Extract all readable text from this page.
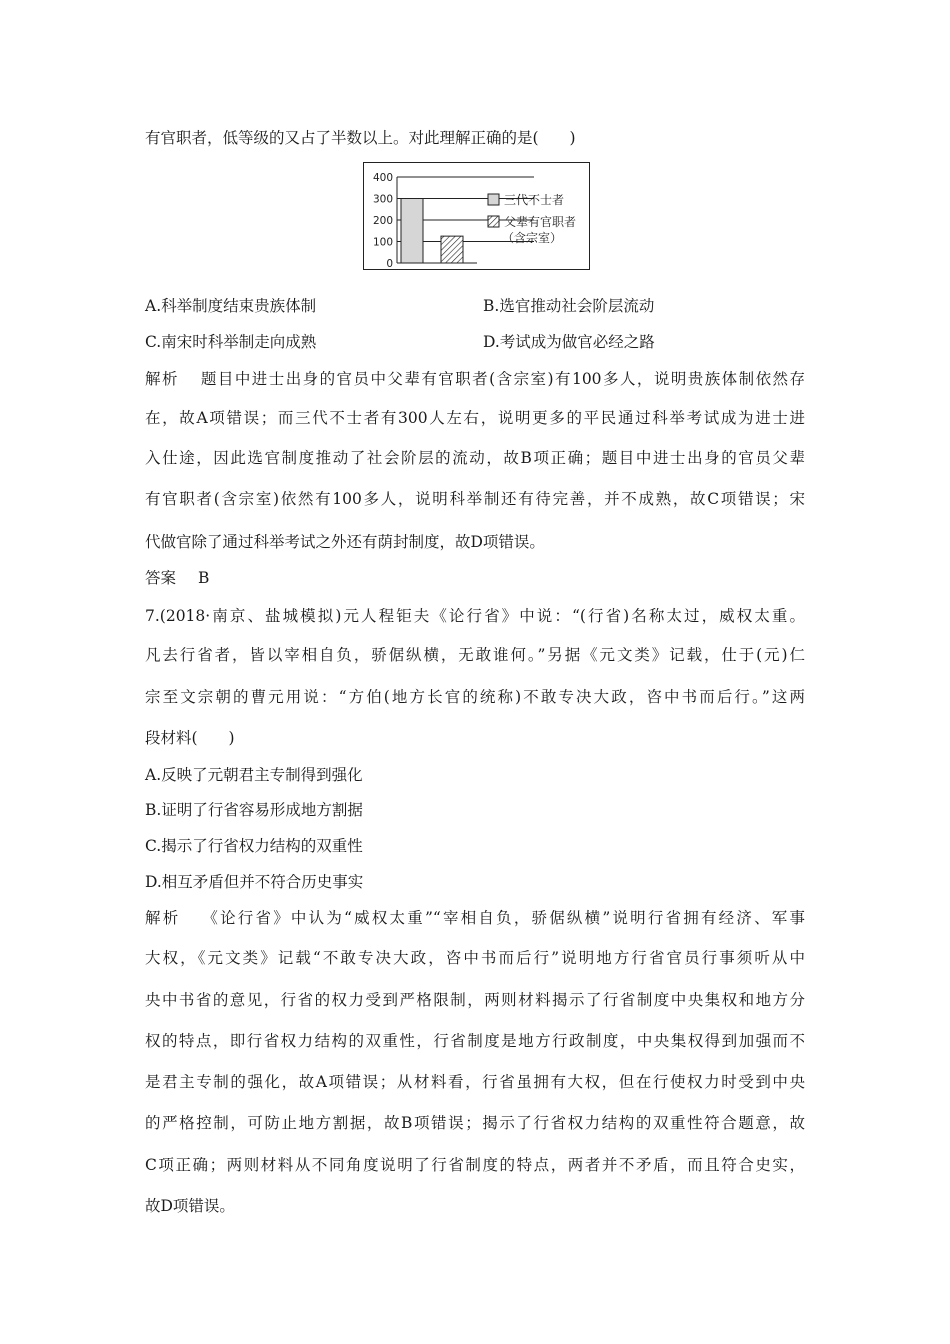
有官职者，低等级的又占了半数以上。对此理解正确的是(　　)
0
100
200
300
400
三代不士者
父辈有官职者
（含宗室）
A.科举制度结束贵族体制	B.选官推动社会阶层流动
C.南宋时科举制走向成熟	D.考试成为做官必经之路
解析 题目中进士出身的官员中父辈有官职者(含宗室)有100多人，说明贵族体制依然存
在，故A项错误；而三代不士者有300人左右，说明更多的平民通过科举考试成为进士进
入仕途，因此选官制度推动了社会阶层的流动，故B项正确；题目中进士出身的官员父辈
有官职者(含宗室)依然有100多人，说明科举制还有待完善，并不成熟，故C项错误；宋
代做官除了通过科举考试之外还有荫封制度，故D项错误。
答案 B
7.(2018·南京、盐城模拟)元人程钜夫《论行省》中说：“(行省)名称太过，威权太重。
凡去行省者，皆以宰相自负，骄倨纵横，无敢谁何。”另据《元文类》记载，仕于(元)仁
宗至文宗朝的曹元用说：“方伯(地方长官的统称)不敢专决大政，咨中书而后行。”这两
段材料(　　)
A.反映了元朝君主专制得到强化
B.证明了行省容易形成地方割据
C.揭示了行省权力结构的双重性
D.相互矛盾但并不符合历史事实
解析 《论行省》中认为“威权太重”“宰相自负，骄倨纵横”说明行省拥有经济、军事
大权，《元文类》记载“不敢专决大政，咨中书而后行”说明地方行省官员行事须听从中
央中书省的意见，行省的权力受到严格限制，两则材料揭示了行省制度中央集权和地方分
权的特点，即行省权力结构的双重性，行省制度是地方行政制度，中央集权得到加强而不
是君主专制的强化，故A项错误；从材料看，行省虽拥有大权，但在行使权力时受到中央
的严格控制，可防止地方割据，故B项错误；揭示了行省权力结构的双重性符合题意，故
C项正确；两则材料从不同角度说明了行省制度的特点，两者并不矛盾，而且符合史实，
故D项错误。
